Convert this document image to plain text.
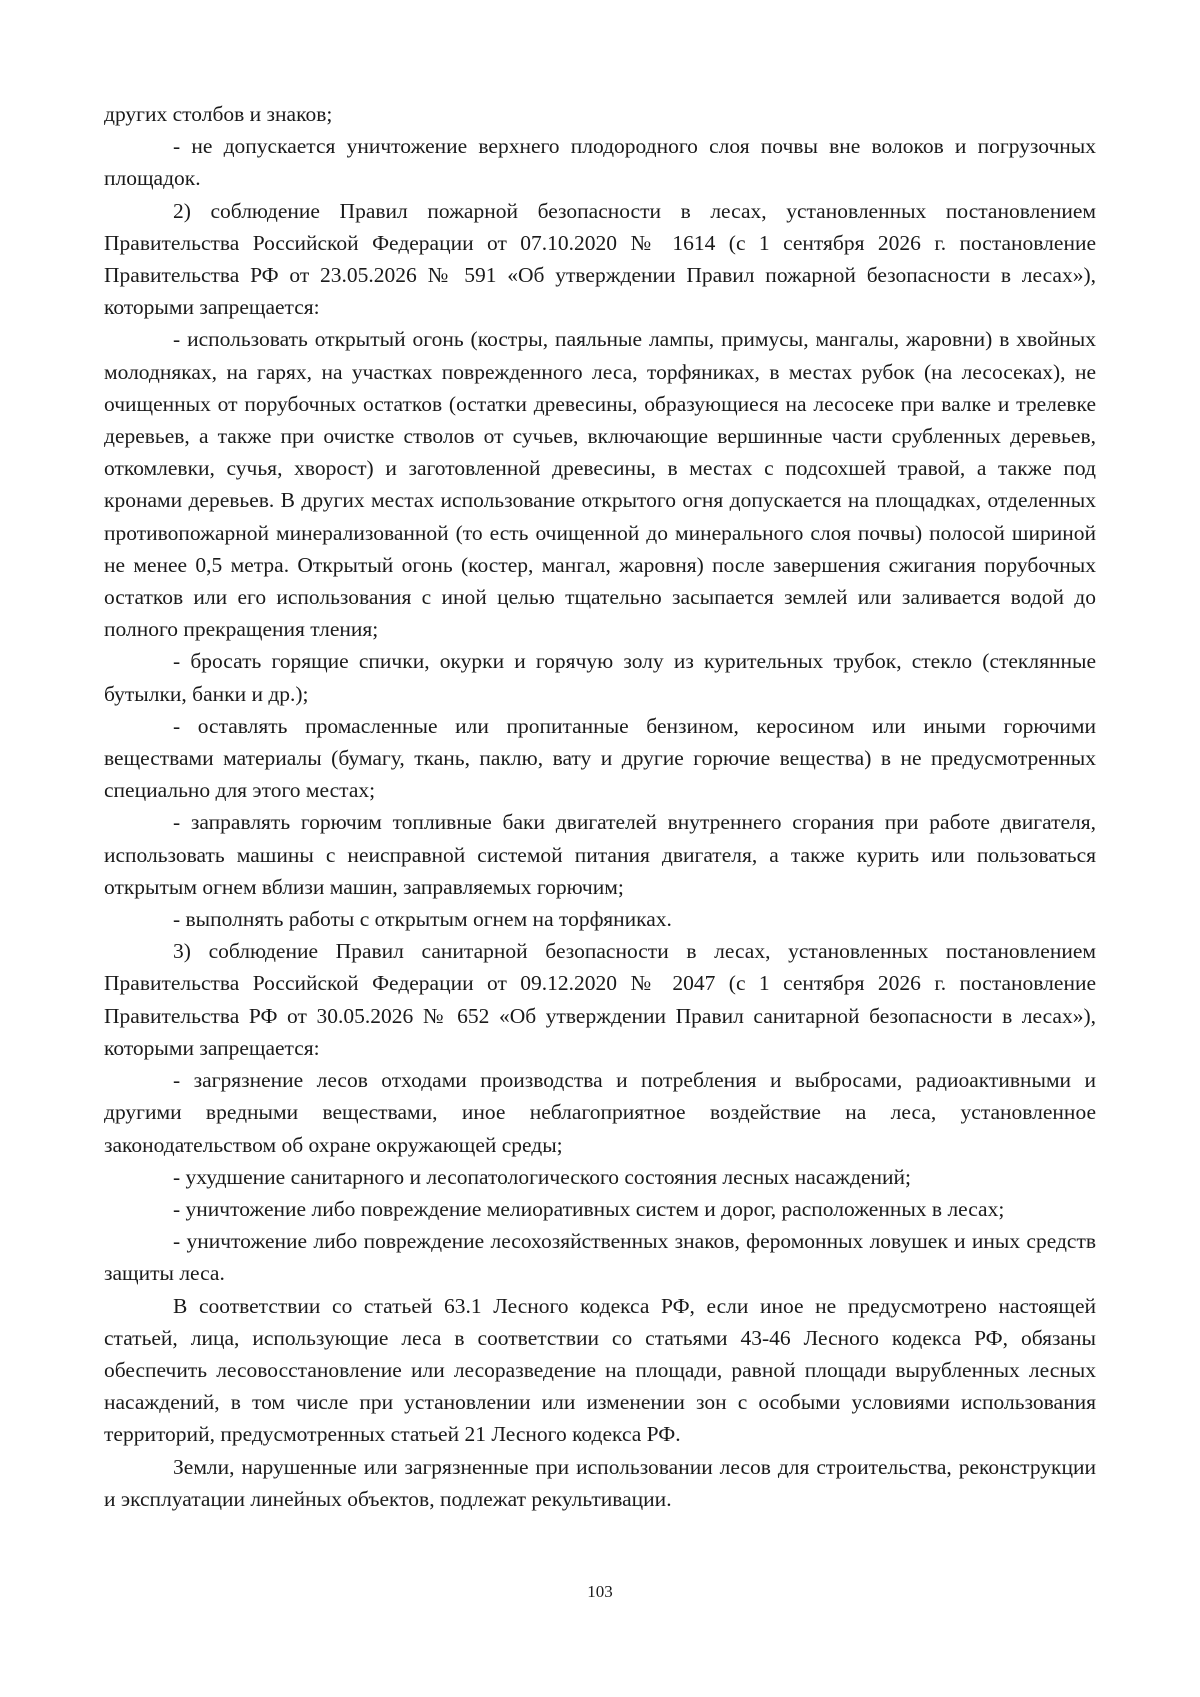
других столбов и знаков;

- не допускается уничтожение верхнего плодородного слоя почвы вне волоков и погрузочных площадок.

2) соблюдение Правил пожарной безопасности в лесах, установленных постановлением Правительства Российской Федерации от 07.10.2020 № 1614 (с 1 сентября 2026 г. постановление Правительства РФ от 23.05.2026 № 591 «Об утверждении Правил пожарной безопасности в лесах»), которыми запрещается:

- использовать открытый огонь (костры, паяльные лампы, примусы, мангалы, жаровни) в хвойных молодняках, на гарях, на участках поврежденного леса, торфяниках, в местах рубок (на лесосеках), не очищенных от порубочных остатков (остатки древесины, образующиеся на лесосеке при валке и трелевке деревьев, а также при очистке стволов от сучьев, включающие вершинные части срубленных деревьев, откомлевки, сучья, хворост) и заготовленной древесины, в местах с подсохшей травой, а также под кронами деревьев. В других местах использование открытого огня допускается на площадках, отделенных противопожарной минерализованной (то есть очищенной до минерального слоя почвы) полосой шириной не менее 0,5 метра. Открытый огонь (костер, мангал, жаровня) после завершения сжигания порубочных остатков или его использования с иной целью тщательно засыпается землей или заливается водой до полного прекращения тления;

- бросать горящие спички, окурки и горячую золу из курительных трубок, стекло (стеклянные бутылки, банки и др.);

- оставлять промасленные или пропитанные бензином, керосином или иными горючими веществами материалы (бумагу, ткань, паклю, вату и другие горючие вещества) в не предусмотренных специально для этого местах;

- заправлять горючим топливные баки двигателей внутреннего сгорания при работе двигателя, использовать машины с неисправной системой питания двигателя, а также курить или пользоваться открытым огнем вблизи машин, заправляемых горючим;

- выполнять работы с открытым огнем на торфяниках.

3) соблюдение Правил санитарной безопасности в лесах, установленных постановлением Правительства Российской Федерации от 09.12.2020 № 2047 (с 1 сентября 2026 г. постановление Правительства РФ от 30.05.2026 № 652 «Об утверждении Правил санитарной безопасности в лесах»), которыми запрещается:

- загрязнение лесов отходами производства и потребления и выбросами, радиоактивными и другими вредными веществами, иное неблагоприятное воздействие на леса, установленное законодательством об охране окружающей среды;

- ухудшение санитарного и лесопатологического состояния лесных насаждений;

- уничтожение либо повреждение мелиоративных систем и дорог, расположенных в лесах;

- уничтожение либо повреждение лесохозяйственных знаков, феромонных ловушек и иных средств защиты леса.

В соответствии со статьей 63.1 Лесного кодекса РФ, если иное не предусмотрено настоящей статьей, лица, использующие леса в соответствии со статьями 43-46 Лесного кодекса РФ, обязаны обеспечить лесовосстановление или лесоразведение на площади, равной площади вырубленных лесных насаждений, в том числе при установлении или изменении зон с особыми условиями использования территорий, предусмотренных статьей 21 Лесного кодекса РФ.

Земли, нарушенные или загрязненные при использовании лесов для строительства, реконструкции и эксплуатации линейных объектов, подлежат рекультивации.

103
